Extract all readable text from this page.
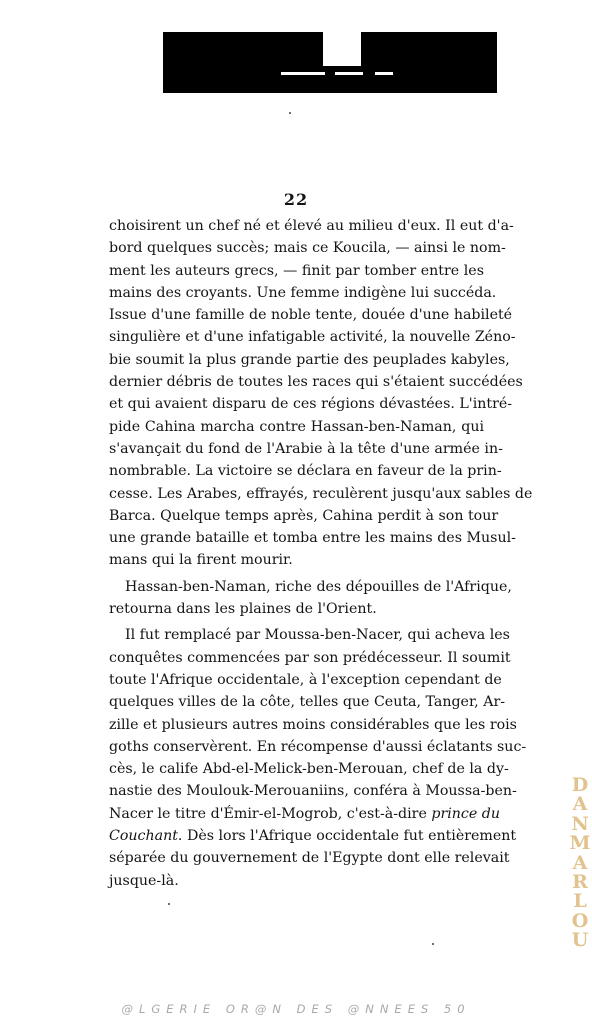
22
choisirent un chef né et élevé au milieu d'eux. Il eut d'a-
bord quelques succès; mais ce Koucila, — ainsi le nom-
ment les auteurs grecs, — finit par tomber entre les
mains des croyants. Une femme indigène lui succéda.
Issue d'une famille de noble tente, douée d'une habileté
singulière et d'une infatigable activité, la nouvelle Zéno-
bie soumit la plus grande partie des peuplades kabyles,
dernier débris de toutes les races qui s'étaient succédées
et qui avaient disparu de ces régions dévastées. L'intré-
pide Cahina marcha contre Hassan-ben-Naman, qui
s'avançait du fond de l'Arabie à la tête d'une armée in-
nombrable. La victoire se déclara en faveur de la prin-
cesse. Les Arabes, effrayés, reculèrent jusqu'aux sables de
Barca. Quelque temps après, Cahina perdit à son tour
une grande bataille et tomba entre les mains des Musul-
mans qui la firent mourir.
Hassan-ben-Naman, riche des dépouilles de l'Afrique,
retourna dans les plaines de l'Orient.
Il fut remplacé par Moussa-ben-Nacer, qui acheva les
conquêtes commencées par son prédécesseur. Il soumit
toute l'Afrique occidentale, à l'exception cependant de
quelques villes de la côte, telles que Ceuta, Tanger, Ar-
zille et plusieurs autres moins considérables que les rois
goths conservèrent. En récompense d'aussi éclatants suc-
cès, le calife Abd-el-Melick-ben-Merouan, chef de la dy-
nastie des Moulouk-Merouaniins, conféra à Moussa-ben-
Nacer le titre d'Émir-el-Mogrob, c'est-à-dire prince du
Couchant. Dès lors l'Afrique occidentale fut entièrement
séparée du gouvernement de l'Egypte dont elle relevait
jusque-là.
D
A
N
M
A
R
L
O
U
@LGERIE OR@N DES @NNEES 50
